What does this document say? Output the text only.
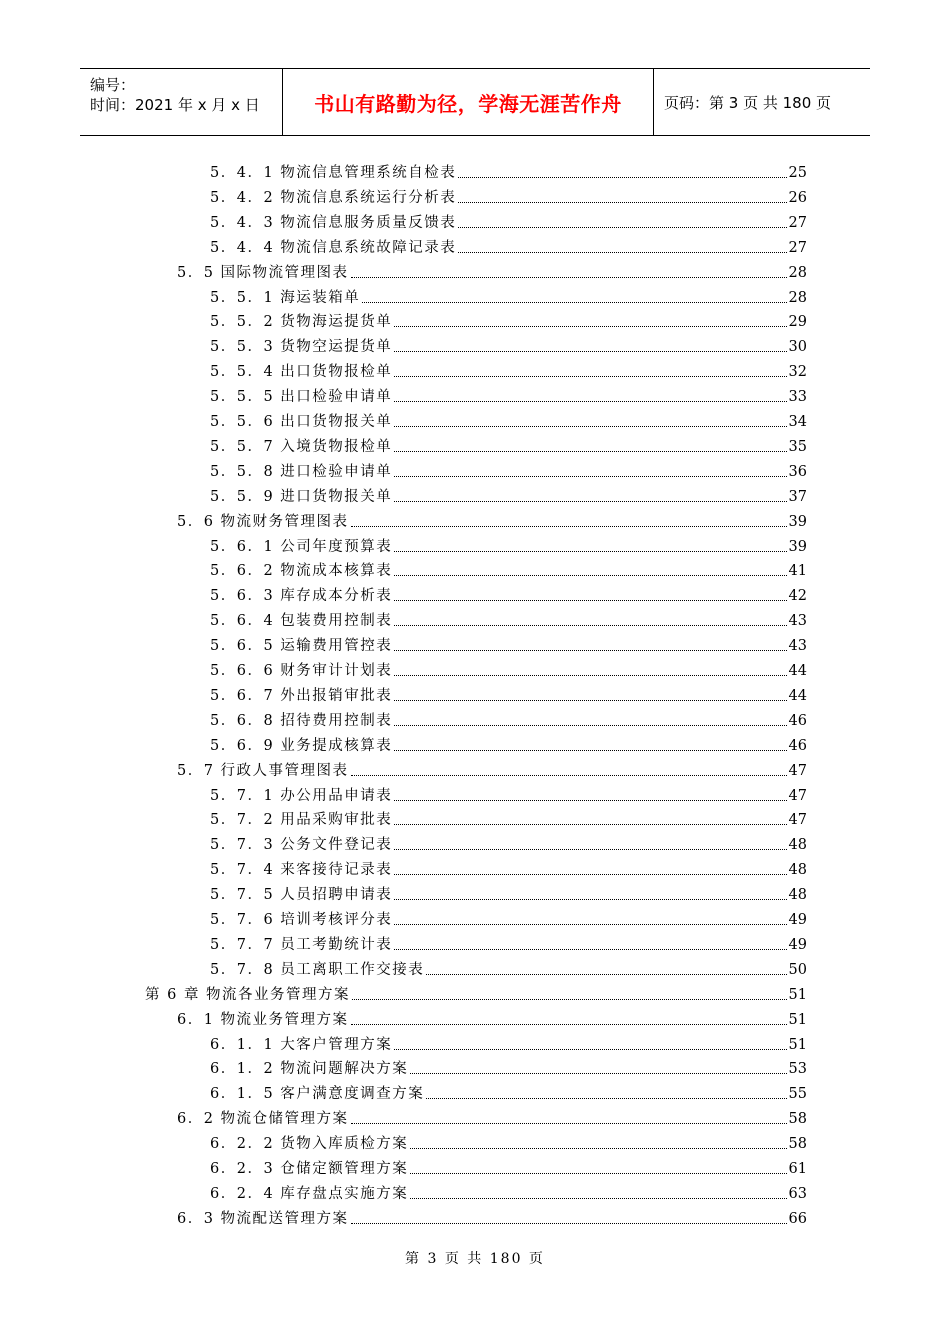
编号：
时间：2021 年 x 月 x 日	书山有路勤为径，学海无涯苦作舟	页码：第 3 页 共 180 页
5．4．1 物流信息管理系统自检表	25
5．4．2 物流信息系统运行分析表	26
5．4．3 物流信息服务质量反馈表	27
5．4．4 物流信息系统故障记录表	27
5．5 国际物流管理图表	28
5．5．1 海运装箱单	28
5．5．2 货物海运提货单	29
5．5．3 货物空运提货单	30
5．5．4 出口货物报检单	32
5．5．5 出口检验申请单	33
5．5．6 出口货物报关单	34
5．5．7 入境货物报检单	35
5．5．8 进口检验申请单	36
5．5．9 进口货物报关单	37
5．6 物流财务管理图表	39
5．6．1 公司年度预算表	39
5．6．2 物流成本核算表	41
5．6．3 库存成本分析表	42
5．6．4 包装费用控制表	43
5．6．5 运输费用管控表	43
5．6．6 财务审计计划表	44
5．6．7 外出报销审批表	44
5．6．8 招待费用控制表	46
5．6．9 业务提成核算表	46
5．7 行政人事管理图表	47
5．7．1 办公用品申请表	47
5．7．2 用品采购审批表	47
5．7．3 公务文件登记表	48
5．7．4 来客接待记录表	48
5．7．5 人员招聘申请表	48
5．7．6 培训考核评分表	49
5．7．7 员工考勤统计表	49
5．7．8 员工离职工作交接表	50
第 6 章 物流各业务管理方案	51
6．1 物流业务管理方案	51
6．1．1 大客户管理方案	51
6．1．2 物流问题解决方案	53
6．1．5 客户满意度调查方案	55
6．2 物流仓储管理方案	58
6．2．2 货物入库质检方案	58
6．2．3 仓储定额管理方案	61
6．2．4 库存盘点实施方案	63
6．3 物流配送管理方案	66
第 3 页 共 180 页
